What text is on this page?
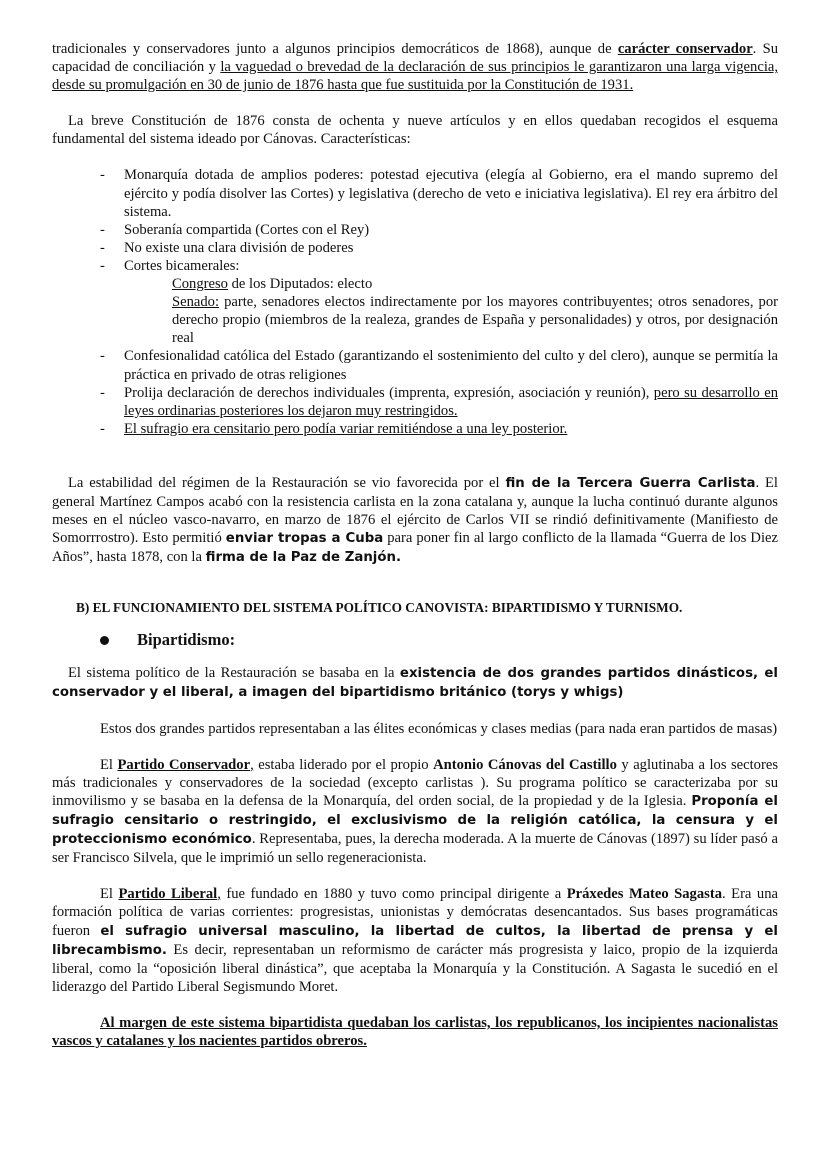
tradicionales y conservadores junto a algunos principios democráticos de 1868), aunque de carácter conservador. Su capacidad de conciliación y la vaguedad o brevedad de la declaración de sus principios le garantizaron una larga vigencia, desde su promulgación en 30 de junio de 1876 hasta que fue sustituida por la Constitución de 1931.

La breve Constitución de 1876 consta de ochenta y nueve artículos y en ellos quedaban recogidos el esquema fundamental del sistema ideado por Cánovas. Características:

- Monarquía dotada de amplios poderes: potestad ejecutiva (elegía al Gobierno, era el mando supremo del ejército y podía disolver las Cortes) y legislativa (derecho de veto e iniciativa legislativa). El rey era árbitro del sistema.
- Soberanía compartida (Cortes con el Rey)
- No existe una clara división de poderes
- Cortes bicamerales:
Congreso de los Diputados: electo
Senado: parte, senadores electos indirectamente por los mayores contribuyentes; otros senadores, por derecho propio (miembros de la realeza, grandes de España y personalidades) y otros, por designación real
- Confesionalidad católica del Estado (garantizando el sostenimiento del culto y del clero), aunque se permitía la práctica en privado de otras religiones
- Prolija declaración de derechos individuales (imprenta, expresión, asociación y reunión), pero su desarrollo en leyes ordinarias posteriores los dejaron muy restringidos.
- El sufragio era censitario pero podía variar remitiéndose a una ley posterior.

La estabilidad del régimen de la Restauración se vio favorecida por el fin de la Tercera Guerra Carlista. El general Martínez Campos acabó con la resistencia carlista en la zona catalana y, aunque la lucha continuó durante algunos meses en el núcleo vasco-navarro, en marzo de 1876 el ejército de Carlos VII se rindió definitivamente (Manifiesto de Somorrrostro). Esto permitió enviar tropas a Cuba para poner fin al largo conflicto de la llamada “Guerra de los Diez Años”, hasta 1878, con la firma de la Paz de Zanjón.

B) EL FUNCIONAMIENTO DEL SISTEMA POLÍTICO CANOVISTA: BIPARTIDISMO Y TURNISMO.
Bipartidismo:

El sistema político de la Restauración se basaba en la existencia de dos grandes partidos dinásticos, el conservador y el liberal, a imagen del bipartidismo británico (torys y whigs)

Estos dos grandes partidos representaban a las élites económicas y clases medias (para nada eran partidos de masas)

El Partido Conservador, estaba liderado por el propio Antonio Cánovas del Castillo y aglutinaba a los sectores más tradicionales y conservadores de la sociedad (excepto carlistas ). Su programa político se caracterizaba por su inmovilismo y se basaba en la defensa de la Monarquía, del orden social, de la propiedad y de la Iglesia. Proponía el sufragio censitario o restringido, el exclusivismo de la religión católica, la censura y el proteccionismo económico. Representaba, pues, la derecha moderada. A la muerte de Cánovas (1897) su líder pasó a ser Francisco Silvela, que le imprimió un sello regeneracionista.

El Partido Liberal, fue fundado en 1880 y tuvo como principal dirigente a Práxedes Mateo Sagasta. Era una formación política de varias corrientes: progresistas, unionistas y demócratas desencantados. Sus bases programáticas fueron el sufragio universal masculino, la libertad de cultos, la libertad de prensa y el librecambismo. Es decir, representaban un reformismo de carácter más progresista y laico, propio de la izquierda liberal, como la “oposición liberal dinástica”, que aceptaba la Monarquía y la Constitución. A Sagasta le sucedió en el liderazgo del Partido Liberal Segismundo Moret.

Al margen de este sistema bipartidista quedaban los carlistas, los republicanos, los incipientes nacionalistas vascos y catalanes y los nacientes partidos obreros.
